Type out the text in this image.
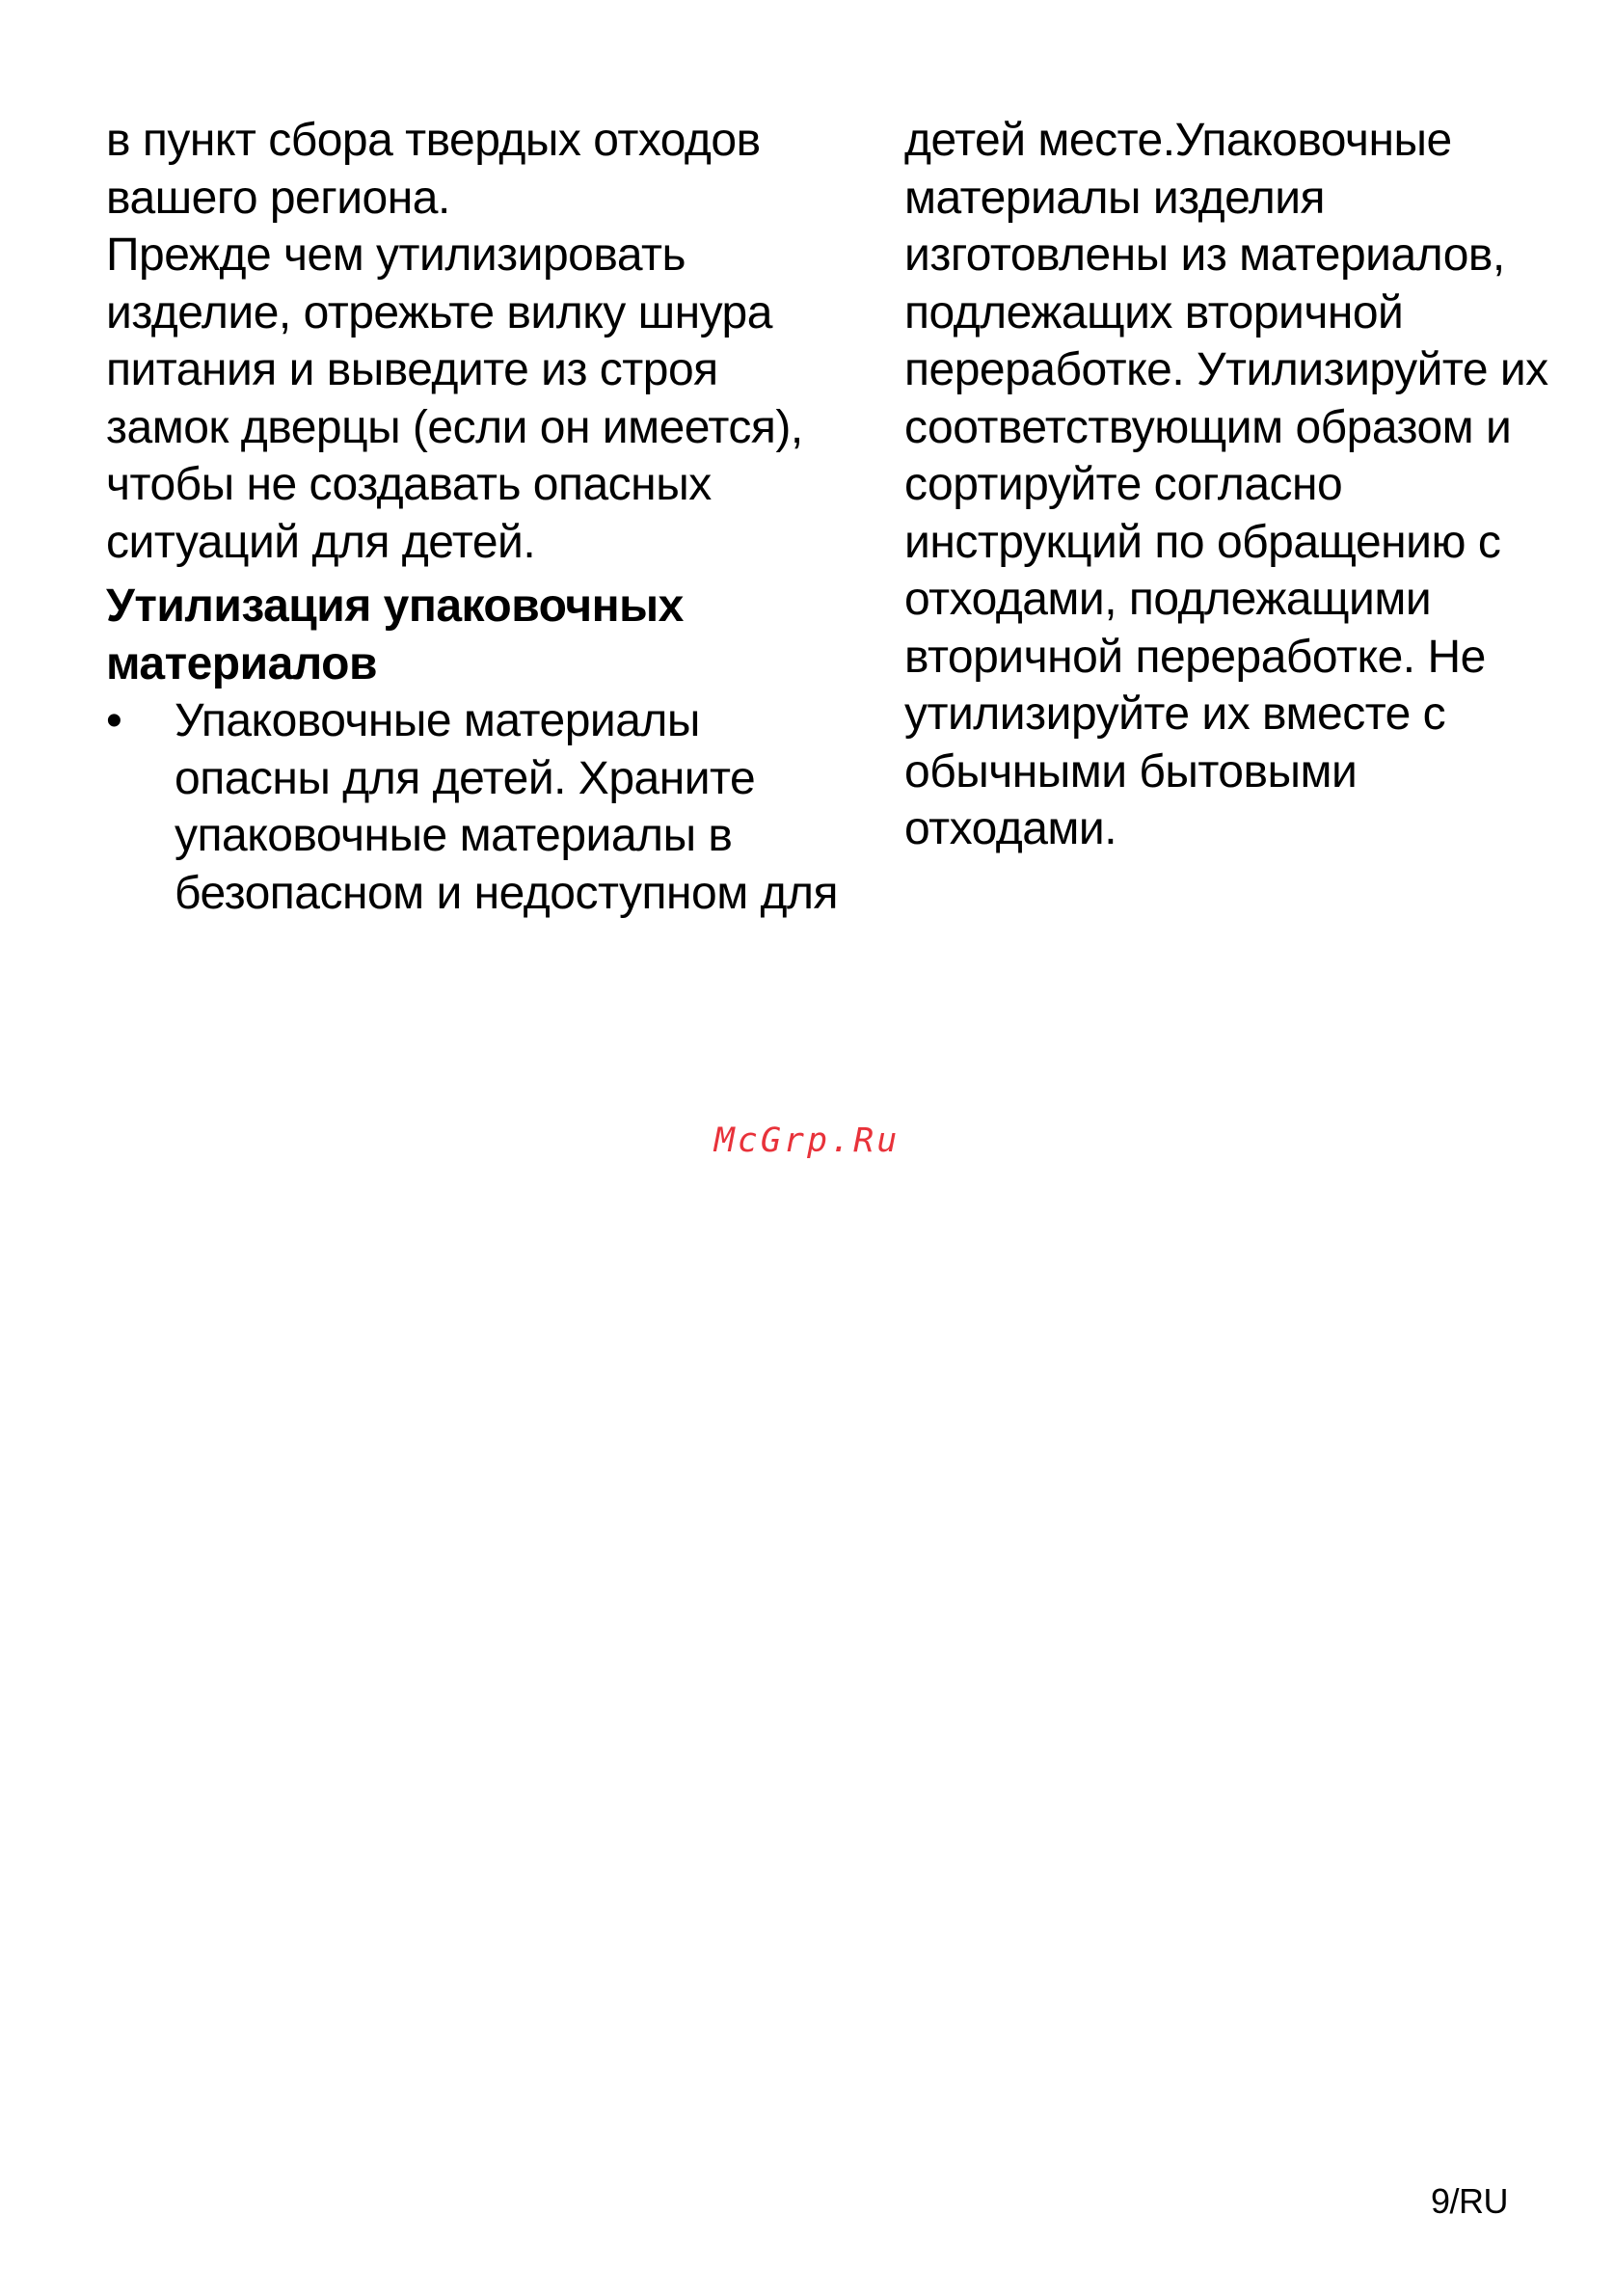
в пункт сбора твердых отходов
вашего региона.
Прежде чем утилизировать
изделие, отрежьте вилку шнура
питания и выведите из строя
замок дверцы (если он имеется),
чтобы не создавать опасных
ситуаций для детей.
Утилизация упаковочных
материалов
• Упаковочные материалы
опасны для детей. Храните
упаковочные материалы в
безопасном и недоступном для
детей месте.Упаковочные
материалы изделия
изготовлены из материалов,
подлежащих вторичной
переработке. Утилизируйте их
соответствующим образом и
сортируйте согласно
инструкций по обращению с
отходами, подлежащими
вторичной переработке. Не
утилизируйте их вместе с
обычными бытовыми
отходами.
McGrp.Ru
9/RU
